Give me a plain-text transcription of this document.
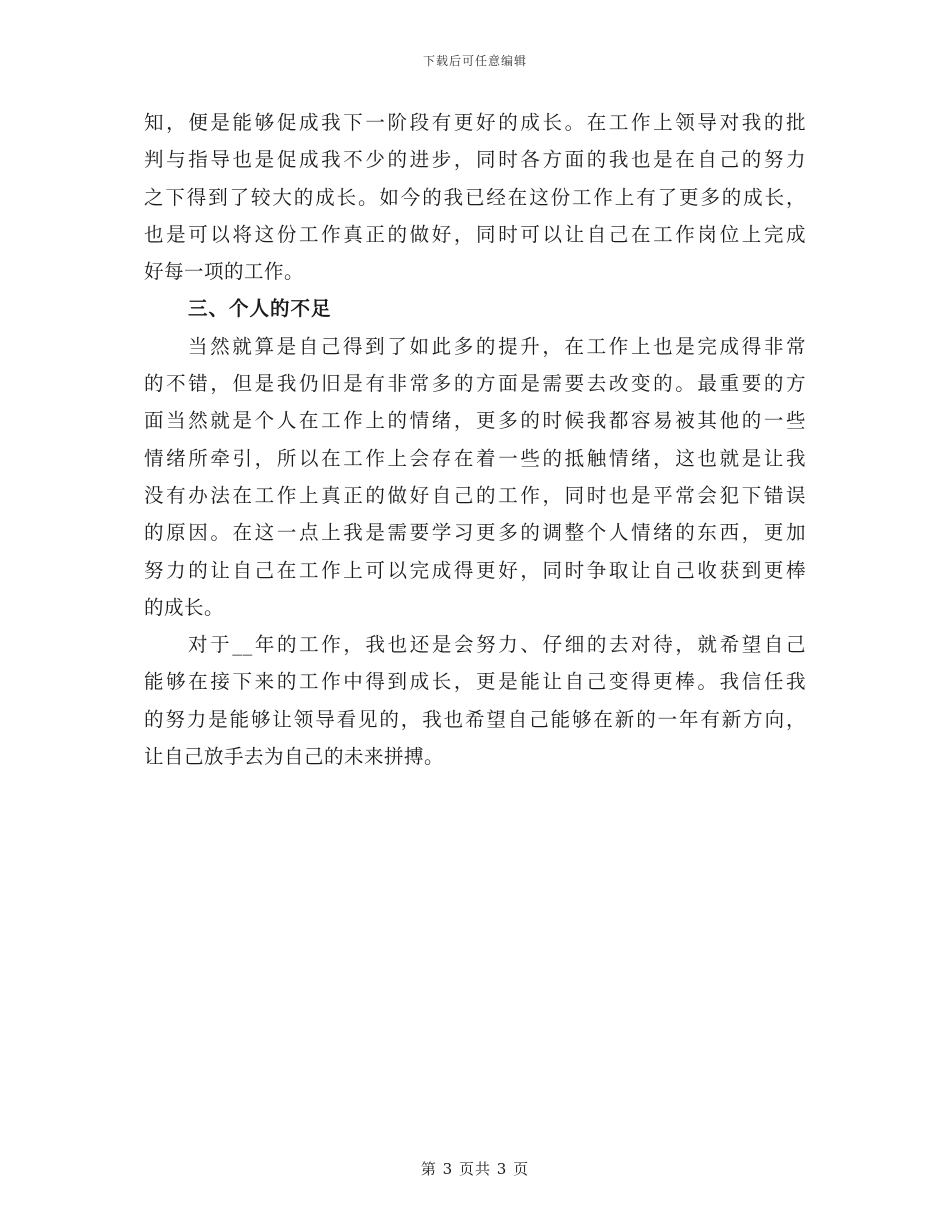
下载后可任意编辑
知，便是能够促成我下一阶段有更好的成长。在工作上领导对我的批
判与指导也是促成我不少的进步，同时各方面的我也是在自己的努力
之下得到了较大的成长。如今的我已经在这份工作上有了更多的成长，
也是可以将这份工作真正的做好，同时可以让自己在工作岗位上完成
好每一项的工作。
三、个人的不足
当然就算是自己得到了如此多的提升，在工作上也是完成得非常
的不错，但是我仍旧是有非常多的方面是需要去改变的。最重要的方
面当然就是个人在工作上的情绪，更多的时候我都容易被其他的一些
情绪所牵引，所以在工作上会存在着一些的抵触情绪，这也就是让我
没有办法在工作上真正的做好自己的工作，同时也是平常会犯下错误
的原因。在这一点上我是需要学习更多的调整个人情绪的东西，更加
努力的让自己在工作上可以完成得更好，同时争取让自己收获到更棒
的成长。
对于__年的工作，我也还是会努力、仔细的去对待，就希望自己
能够在接下来的工作中得到成长，更是能让自己变得更棒。我信任我
的努力是能够让领导看见的，我也希望自己能够在新的一年有新方向，
让自己放手去为自己的未来拼搏。
第 3 页共 3 页
